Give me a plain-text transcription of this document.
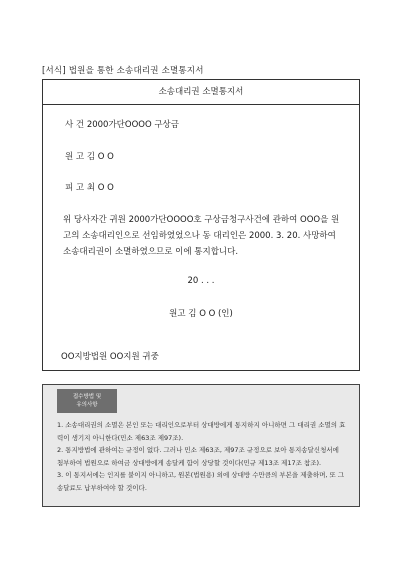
[서식] 법원을 통한 소송대리권 소멸통지서
소송대리권 소멸통지서
사 건 2000가단OOOO 구상금
원 고 김 O O
피 고 최 O O
위 당사자간 귀원 2000가단OOOO호 구상금청구사건에 관하여 OOO을 원고의 소송대리인으로 선임하였었으나 동 대리인은 2000. 3. 20. 사망하여 소송대리권이 소멸하였으므로 이에 통지합니다.
20 . . .
원고 김 O O (인)
OO지방법원 OO지원 귀중
접수방법 및
유의사항
1. 소송대리권의 소멸은 본인 또는 대리인으로부터 상대방에게 통지하지 아니하면 그 대리권 소멸의 효력이 생기지 아니한다(민소 제63조 제97조).
2. 통지방법에 관하여는 규정이 없다. 그러나 민소 제63조, 제97조 규정으로 보아 통지송달신청서에 첨부하여 법원으로 하여금 상대방에게 송달케 함이 상당할 것이다(민규 제13조 제17조 참조).
3. 이 통지서에는 인지를 붙이지 아니하고, 원본(법원용) 외에 상대방 수만큼의 부본을 제출하며, 또 그 송달료도 납부하여야 할 것이다.
